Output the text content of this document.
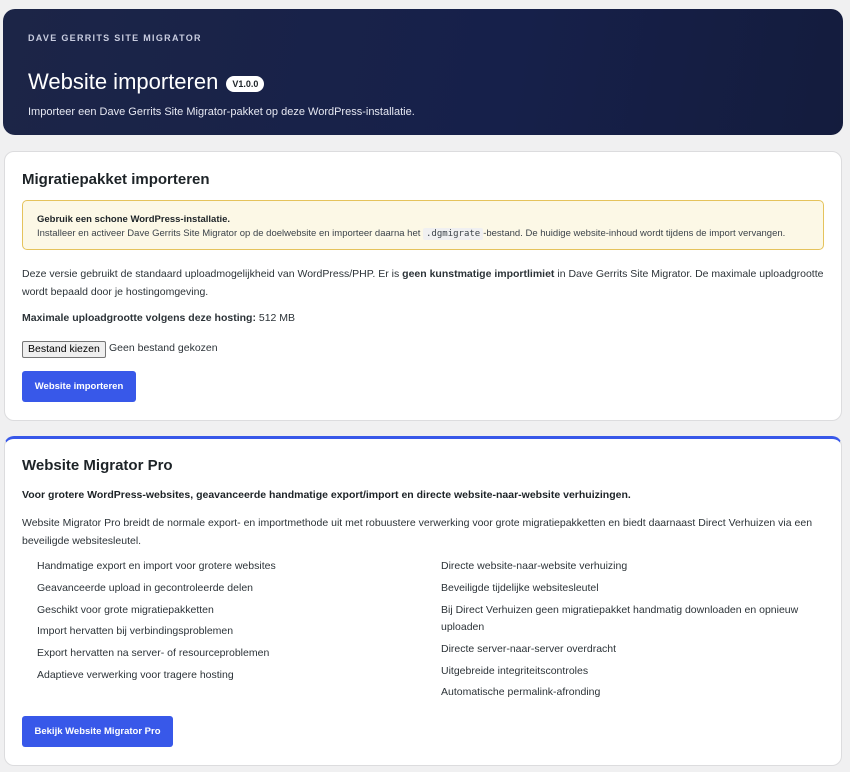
DAVE GERRITS SITE MIGRATOR
Website importeren	V1.0.0
Importeer een Dave Gerrits Site Migrator-pakket op deze WordPress-installatie.
Migratiepakket importeren
Gebruik een schone WordPress-installatie.
Installeer en activeer Dave Gerrits Site Migrator op de doelwebsite en importeer daarna het .dgmigrate -bestand. De huidige website-inhoud wordt tijdens de import vervangen.

Deze versie gebruikt de standaard uploadmogelijkheid van WordPress/PHP. Er is geen kunstmatige importlimiet in Dave Gerrits Site Migrator. De maximale uploadgrootte wordt bepaald door je hostingomgeving.

Maximale uploadgrootte volgens deze hosting: 512 MB

Bestand kiezen Geen bestand gekozen
Website importeren
Website Migrator Pro

Voor grotere WordPress-websites, geavanceerde handmatige export/import en directe website-naar-website verhuizingen.

Website Migrator Pro breidt de normale export- en importmethode uit met robuustere verwerking voor grote migratiepakketten en biedt daarnaast Direct Verhuizen via een beveiligde websitesleutel.

Handmatige export en import voor grotere websites
Geavanceerde upload in gecontroleerde delen
Geschikt voor grote migratiepakketten
Import hervatten bij verbindingsproblemen
Export hervatten na server- of resourceproblemen
Adaptieve verwerking voor tragere hosting
Directe website-naar-website verhuizing
Beveiligde tijdelijke websitesleutel
Bij Direct Verhuizen geen migratiepakket handmatig downloaden en opnieuw uploaden
Directe server-naar-server overdracht
Uitgebreide integriteitscontroles
Automatische permalink-afronding
Bekijk Website Migrator Pro
